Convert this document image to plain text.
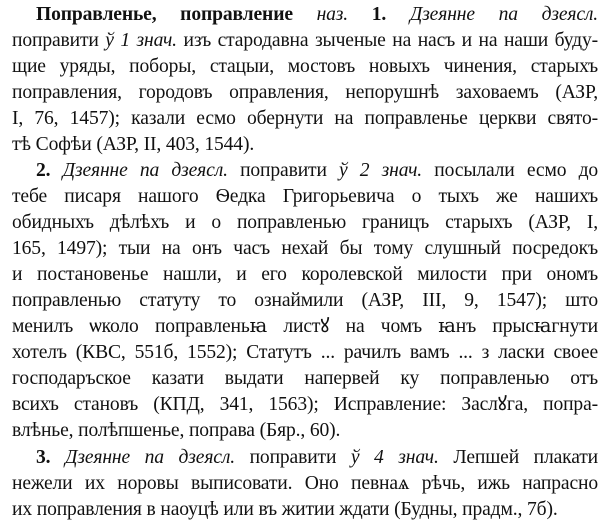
Поправленье, поправление наз. 1. Дзеянне па дзеясл.
поправити ў 1 знач. изъ стародавна зыченые на насъ и на наши будy-
щие уряды, поборы, стацыи, мостовъ новыхъ чинения, старыхъ
поправления, городовъ оправления, непорушнѣ заховаемъ (АЗР,
I, 76, 1457); казали есмо обернути на поправленье церкви свято-
тѣ Софѣи (АЗР, II, 403, 1544).
2. Дзеянне па дзеясл. поправити ў 2 знач. посылали есмо до
тебе писаря нашого Ѳедка Григорьевича о тыхъ же нашихъ
обидныхъ дѣлѣхъ и о поправленью границъ старыхъ (АЗР, I,
165, 1497); тыи на онъ часъ нехай бы тому слушный посредокъ
и постановенье нашли, и его королевской милости при ономъ
поправленью статуту то ознаймили (АЗР, III, 9, 1547); што
менилъ ѡколо поправленьꙗ листꙋ на чомъ ꙗнъ прысꙗгнути
хотелъ (КВС, 551б, 1552); Статутъ ... рачилъ вамъ ... з ласки своее
господаръское казати выдати напервей ку поправленью отъ
всихъ становъ (КПД, 341, 1563); Исправление: Заслꙋга, попра-
влѣнье, полѣпшенье, поправа (Бяр., 60).
3. Дзеянне па дзеясл. поправити ў 4 знач. Лепшей плакати
нежели их норовы выписовати. Оно певнаѧ рѣчь, ижь напрасно
их поправления в наоуцѣ или въ житии ждати (Будны, прадм., 7б).
